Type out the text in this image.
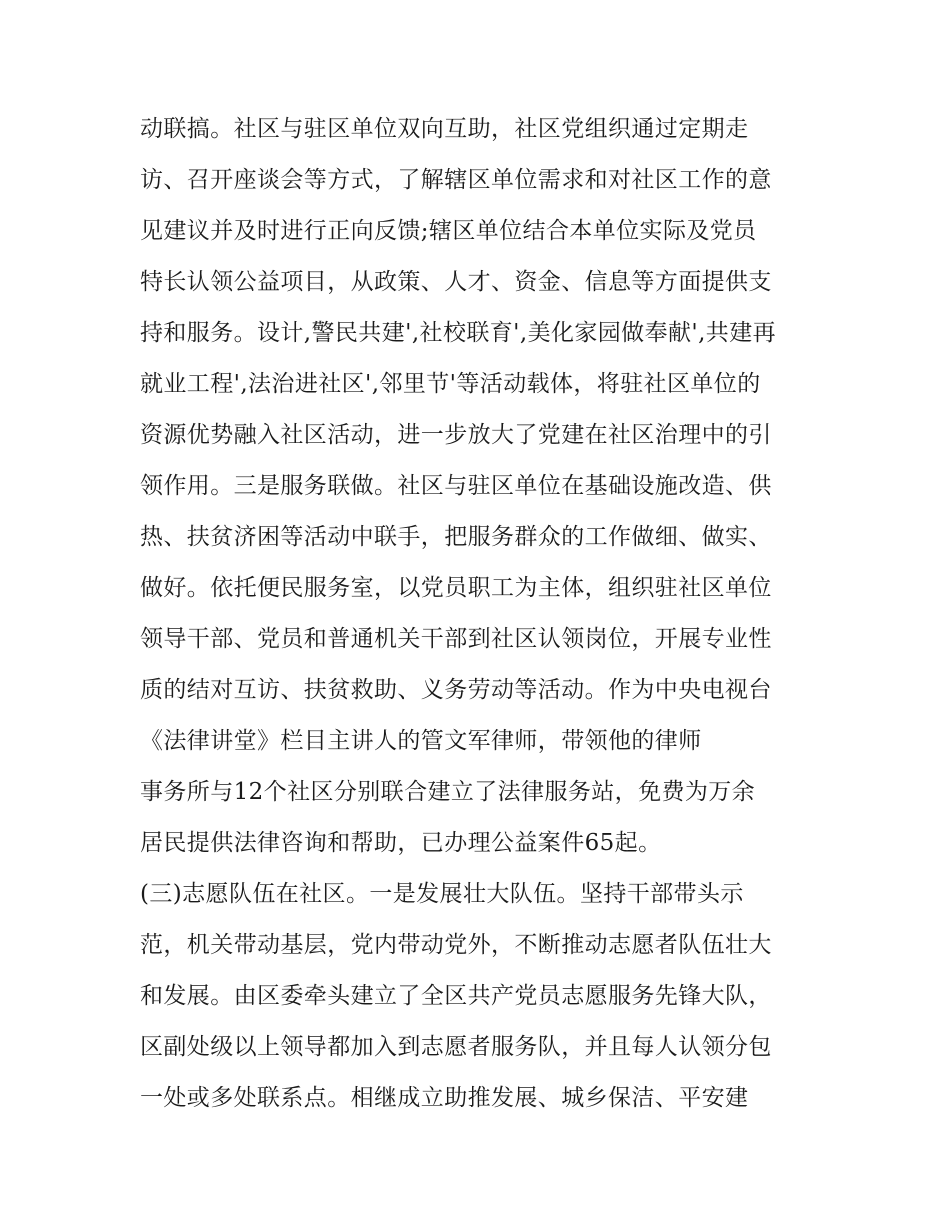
动联搞。社区与驻区单位双向互助，社区党组织通过定期走
访、召开座谈会等方式，了解辖区单位需求和对社区工作的意
见建议并及时进行正向反馈;辖区单位结合本单位实际及党员
特长认领公益项目，从政策、人才、资金、信息等方面提供支
持和服务。设计,警民共建',社校联育',美化家园做奉献',共建再
就业工程',法治进社区',邻里节'等活动载体，将驻社区单位的
资源优势融入社区活动，进一步放大了党建在社区治理中的引
领作用。三是服务联做。社区与驻区单位在基础设施改造、供
热、扶贫济困等活动中联手，把服务群众的工作做细、做实、
做好。依托便民服务室，以党员职工为主体，组织驻社区单位
领导干部、党员和普通机关干部到社区认领岗位，开展专业性
质的结对互访、扶贫救助、义务劳动等活动。作为中央电视台
《法律讲堂》栏目主讲人的管文军律师，带领他的律师
事务所与12个社区分别联合建立了法律服务站，免费为万余
居民提供法律咨询和帮助，已办理公益案件65起。
(三)志愿队伍在社区。一是发展壮大队伍。坚持干部带头示
范，机关带动基层，党内带动党外，不断推动志愿者队伍壮大
和发展。由区委牵头建立了全区共产党员志愿服务先锋大队，
区副处级以上领导都加入到志愿者服务队，并且每人认领分包
一处或多处联系点。相继成立助推发展、城乡保洁、平安建
